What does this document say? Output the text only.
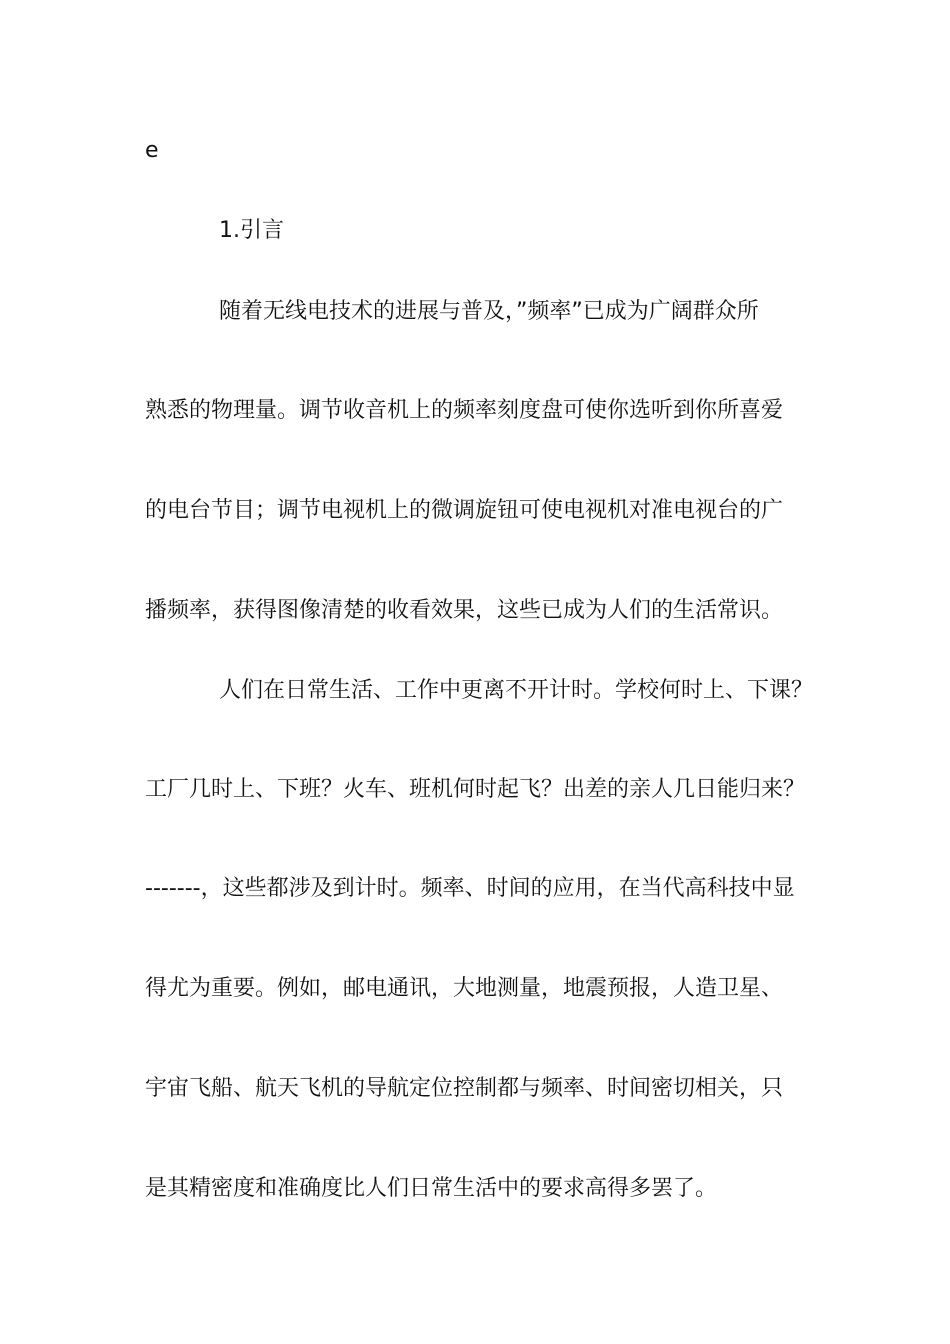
e
1.引言
随着无线电技术的进展与普及，”频率”已成为广阔群众所
熟悉的物理量。调节收音机上的频率刻度盘可使你选听到你所喜爱
的电台节目；调节电视机上的微调旋钮可使电视机对准电视台的广
播频率，获得图像清楚的收看效果，这些已成为人们的生活常识。
人们在日常生活、工作中更离不开计时。学校何时上、下课？
工厂几时上、下班？火车、班机何时起飞？出差的亲人几日能归来？
-------，这些都涉及到计时。频率、时间的应用，在当代高科技中显
得尤为重要。例如，邮电通讯，大地测量，地震预报，人造卫星、
宇宙飞船、航天飞机的导航定位控制都与频率、时间密切相关，只
是其精密度和准确度比人们日常生活中的要求高得多罢了。
